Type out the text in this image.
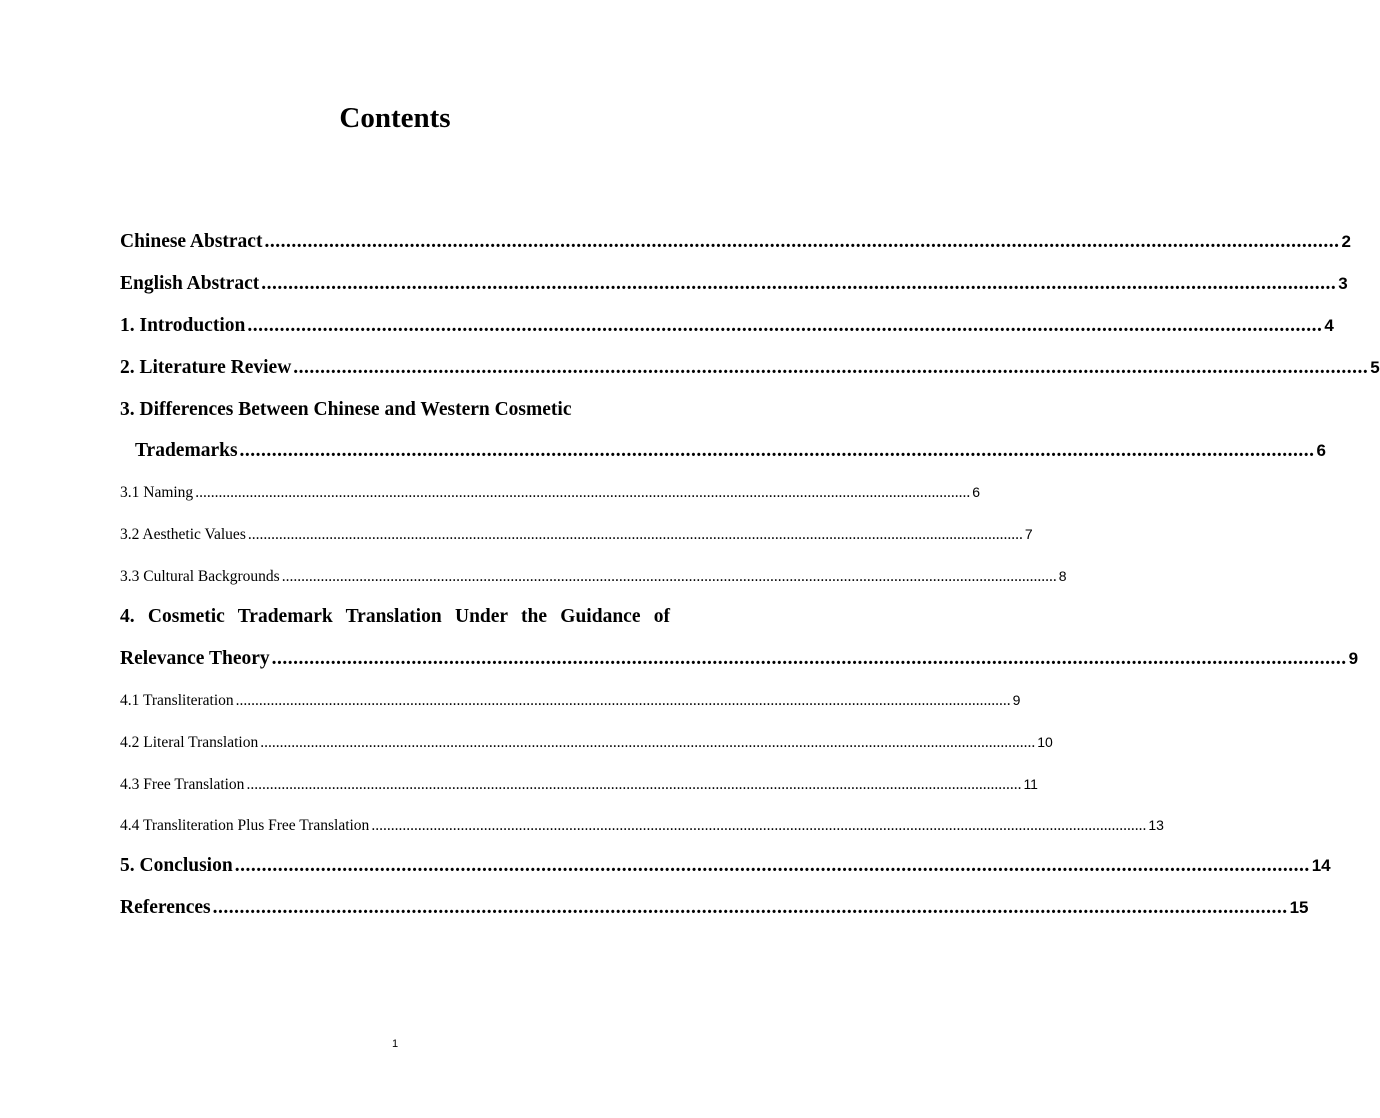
Contents
Chinese Abstract ........................................................................................................................................................................................................ 2
English Abstract ........................................................................................................................................................................................................ 3
1. Introduction ........................................................................................................................................................................................................ 4
2. Literature Review ........................................................................................................................................................................................................ 5
3. Differences Between Chinese and Western Cosmetic
Trademarks ........................................................................................................................................................................................................ 6
3.1 Naming ........................................................................................................................................................................................................ 6
3.2 Aesthetic Values ........................................................................................................................................................................................................ 7
3.3 Cultural Backgrounds ........................................................................................................................................................................................................ 8
4. Cosmetic Trademark Translation Under the Guidance of
Relevance Theory ........................................................................................................................................................................................................ 9
4.1 Transliteration ........................................................................................................................................................................................................ 9
4.2 Literal Translation ........................................................................................................................................................................................................ 10
4.3 Free Translation ........................................................................................................................................................................................................ 11
4.4 Transliteration Plus Free Translation ........................................................................................................................................................................................................ 13
5. Conclusion ........................................................................................................................................................................................................ 14
References ........................................................................................................................................................................................................ 15
1
